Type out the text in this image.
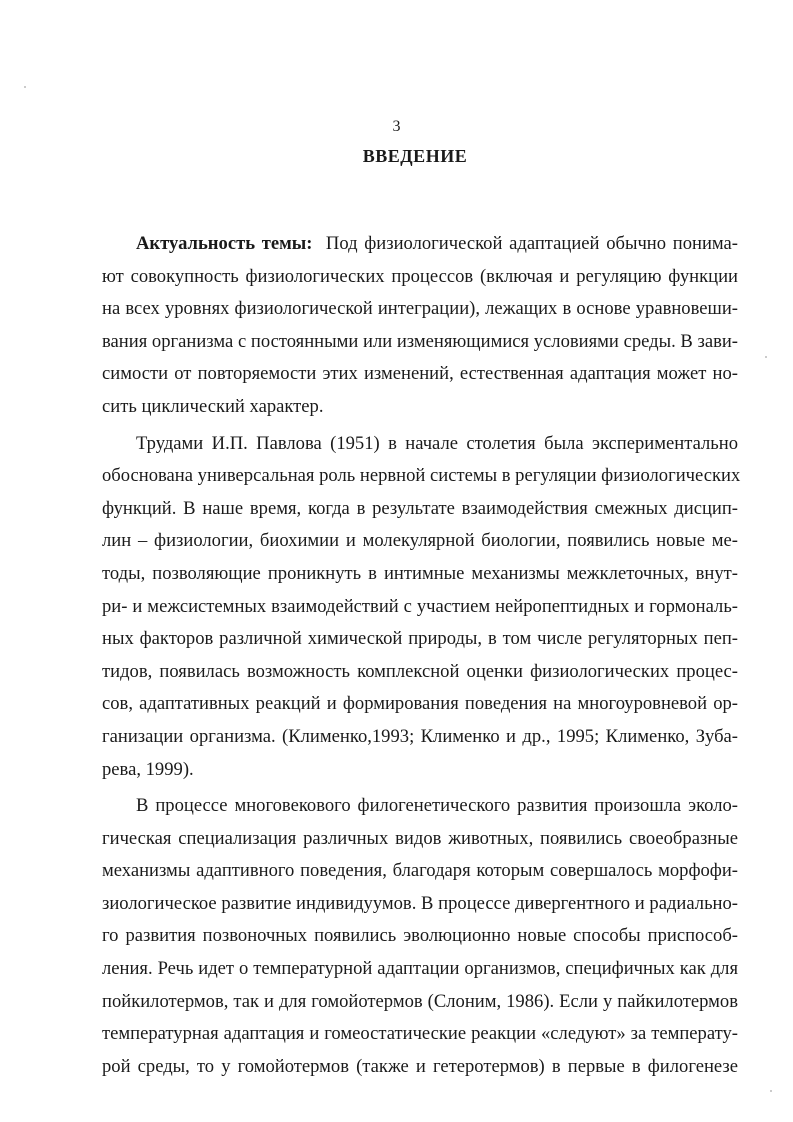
3
ВВЕДЕНИЕ
Актуальность темы: Под физиологической адаптацией обычно понима-
ют совокупность физиологических процессов (включая и регуляцию функции
на всех уровнях физиологической интеграции), лежащих в основе уравновеши-
вания организма с постоянными или изменяющимися условиями среды. В зави-
симости от повторяемости этих изменений, естественная адаптация может но-
сить циклический характер.
Трудами И.П. Павлова (1951) в начале столетия была экспериментально
обоснована универсальная роль нервной системы в регуляции физиологических
функций. В наше время, когда в результате взаимодействия смежных дисцип-
лин – физиологии, биохимии и молекулярной биологии, появились новые ме-
тоды, позволяющие проникнуть в интимные механизмы межклеточных, внут-
ри- и межсистемных взаимодействий с участием нейропептидных и гормональ-
ных факторов различной химической природы, в том числе регуляторных пеп-
тидов, появилась возможность комплексной оценки физиологических процес-
сов, адаптативных реакций и формирования поведения на многоуровневой ор-
ганизации организма. (Клименко,1993; Клименко и др., 1995; Клименко, Зуба-
рева, 1999).
В процессе многовекового филогенетического развития произошла эколо-
гическая специализация различных видов животных, появились своеобразные
механизмы адаптивного поведения, благодаря которым совершалось морфофи-
зиологическое развитие индивидуумов. В процессе дивергентного и радиально-
го развития позвоночных появились эволюционно новые способы приспособ-
ления. Речь идет о температурной адаптации организмов, специфичных как для
пойкилотермов, так и для гомойотермов (Слоним, 1986). Если у пайкилотермов
температурная адаптация и гомеостатические реакции «следуют» за температу-
рой среды, то у гомойотермов (также и гетеротермов) в первые в филогенезе
